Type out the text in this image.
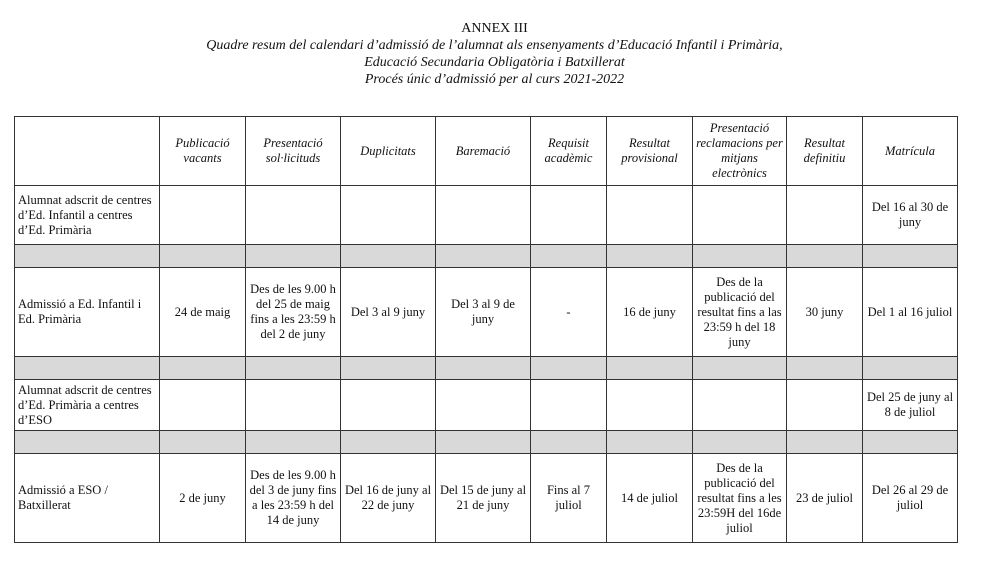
ANNEX III
Quadre resum del calendari d’admissió de l’alumnat als ensenyaments d’Educació Infantil i Primària,
Educació Secundaria Obligatòria i Batxillerat
Procés únic d’admissió per al curs 2021-2022
	Publicació vacants	Presentació sol·licituds	Duplicitats	Baremació	Requisit acadèmic	Resultat provisional	Presentació reclamacions per mitjans electrònics	Resultat definitiu	Matrícula
Alumnat adscrit de centres d’Ed. Infantil a centres d’Ed. Primària									Del 16 al 30 de juny

Admissió a Ed. Infantil i Ed. Primària	24 de maig	Des de les 9.00 h del 25 de maig fins a les 23:59 h del 2 de juny	Del 3 al 9 juny	Del 3 al 9 de juny	-	16 de juny	Des de la publicació del resultat fins a las 23:59 h del 18 juny	30 juny	Del 1 al 16 juliol

Alumnat adscrit de centres d’Ed. Primària a centres d’ESO									Del 25 de juny al 8 de juliol

Admissió a ESO / Batxillerat	2 de juny	Des de les 9.00 h del 3 de juny fins a les 23:59 h del 14 de juny	Del 16 de juny al 22 de juny	Del 15 de juny al 21 de juny	Fins al 7 juliol	14 de juliol	Des de la publicació del resultat fins a les 23:59H del 16de juliol	23 de juliol	Del 26 al 29 de juliol
